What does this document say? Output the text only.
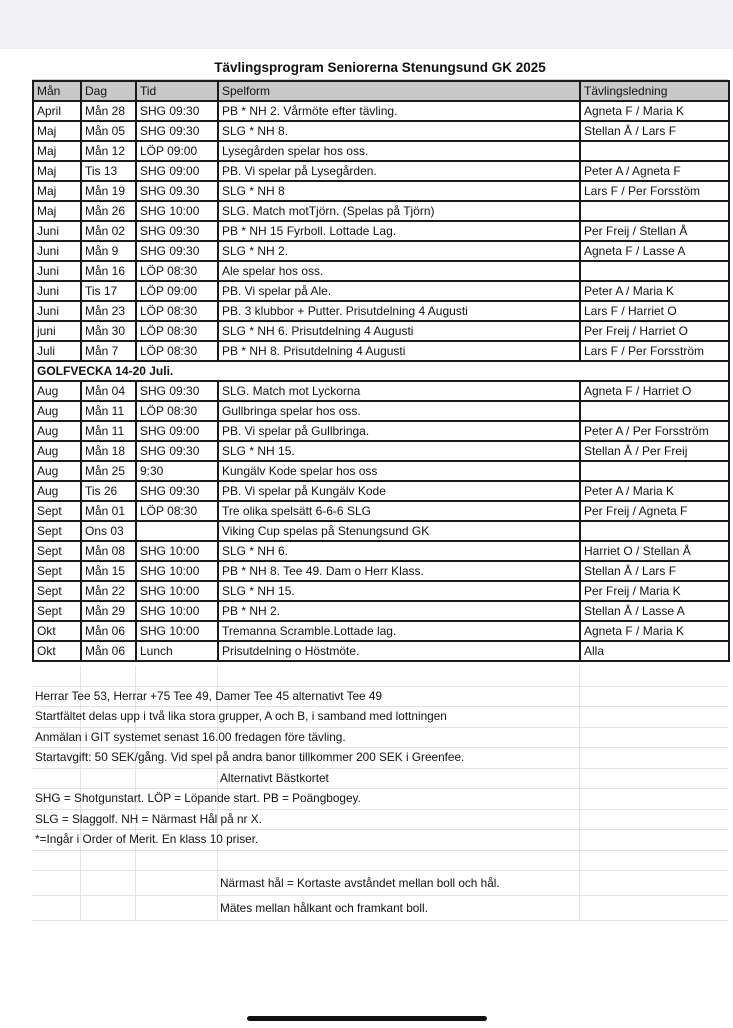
Tävlingsprogram Seniorerna Stenungsund GK 2025
Mån	Dag	Tid	Spelform	Tävlingsledning
April	Mån 28	SHG 09:30	PB * NH 2. Vårmöte efter tävling.	Agneta F / Maria K
Maj	Mån 05	SHG 09:30	SLG * NH 8.	Stellan Å / Lars F
Maj	Mån 12	LÖP 09:00	Lysegården spelar hos oss.	
Maj	Tis 13	SHG 09:00	PB. Vi spelar på Lysegården.	Peter A / Agneta F
Maj	Mån 19	SHG 09.30	SLG * NH 8	Lars F / Per Forsstöm
Maj	Mån 26	SHG 10:00	SLG. Match motTjörn. (Spelas på Tjörn)	
Juni	Mån 02	SHG 09:30	PB * NH 15 Fyrboll. Lottade Lag.	Per Freij / Stellan Å
Juni	Mån 9	SHG 09:30	SLG * NH 2.	Agneta F / Lasse A
Juni	Mån 16	LÖP 08:30	Ale spelar hos oss.	
Juni	Tis 17	LÖP 09:00	PB. Vi spelar på Ale.	Peter A / Maria K
Juni	Mån 23	LÖP 08:30	PB. 3 klubbor + Putter. Prisutdelning 4 Augusti	Lars F / Harriet O
juni	Mån 30	LÖP 08:30	SLG * NH 6. Prisutdelning 4 Augusti	Per Freij / Harriet O
Juli	Mån 7	LÖP 08:30	PB * NH 8. Prisutdelning 4 Augusti	Lars F / Per Forsström
GOLFVECKA 14-20 Juli.				
Aug	Mån 04	SHG 09:30	SLG. Match mot Lyckorna	Agneta F / Harriet O
Aug	Mån 11	LÖP 08:30	Gullbringa spelar hos oss.	
Aug	Mån 11	SHG 09:00	PB. Vi spelar på Gullbringa.	Peter A / Per Forsström
Aug	Mån 18	SHG 09:30	SLG * NH 15.	Stellan Å / Per Freij
Aug	Mån 25	9:30	Kungälv Kode spelar hos oss	
Aug	Tis 26	SHG 09:30	PB. Vi spelar på Kungälv Kode	Peter A / Maria K
Sept	Mån 01	LÖP 08:30	Tre olika spelsätt 6-6-6 SLG	Per Freij / Agneta F
Sept	Ons 03		Viking Cup spelas på Stenungsund GK	
Sept	Mån 08	SHG 10:00	SLG * NH 6.	Harriet O / Stellan Å
Sept	Mån 15	SHG 10:00	PB * NH 8. Tee 49. Dam o Herr Klass.	Stellan Å / Lars F
Sept	Mån 22	SHG 10:00	SLG * NH 15.	Per Freij / Maria K
Sept	Mån 29	SHG 10:00	PB * NH 2.	Stellan Å / Lasse A
Okt	Mån 06	SHG 10:00	Tremanna Scramble.Lottade lag.	Agneta F / Maria K
Okt	Mån 06	Lunch	Prisutdelning o Höstmöte.	Alla
Herrar Tee 53, Herrar +75 Tee 49, Damer Tee 45 alternativt Tee 49
Startfältet delas upp i två lika stora grupper, A och B, i samband med lottningen
Anmälan i GIT systemet senast 16.00 fredagen före tävling.
Startavgift: 50 SEK/gång. Vid spel på andra banor tillkommer 200 SEK i Greenfee.
Alternativt Bästkortet
SHG = Shotgunstart. LÖP = Löpande start. PB = Poängbogey.
SLG = Slaggolf. NH = Närmast Hål på nr X.
*=Ingår i Order of Merit. En klass 10 priser.
Närmast hål = Kortaste avståndet mellan boll och hål.
Mätes mellan hålkant och framkant boll.
